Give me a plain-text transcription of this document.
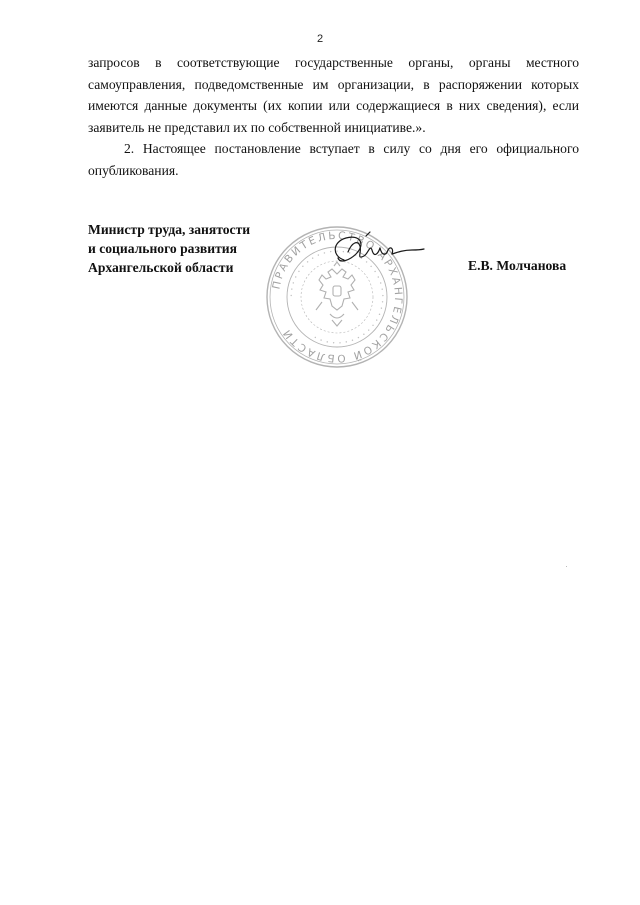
2

запросов в соответствующие государственные органы, органы местного самоуправления, подведомственные им организации, в распоряжении которых имеются данные документы (их копии или содержащиеся в них сведения), если заявитель не представил их по собственной инициативе.».

2. Настоящее постановление вступает в силу со дня его официального опубликования.

Министр труда, занятости
и социального развития
Архангельской области
ПРАВИТЕЛЬСТВО АРХАНГЕЛЬСКОЙ ОБЛАСТИ
• • • • • • • • • • • • • • • • • • • • • • • • • • • • • • • • • • • • • •
Е.В. Молчанова
